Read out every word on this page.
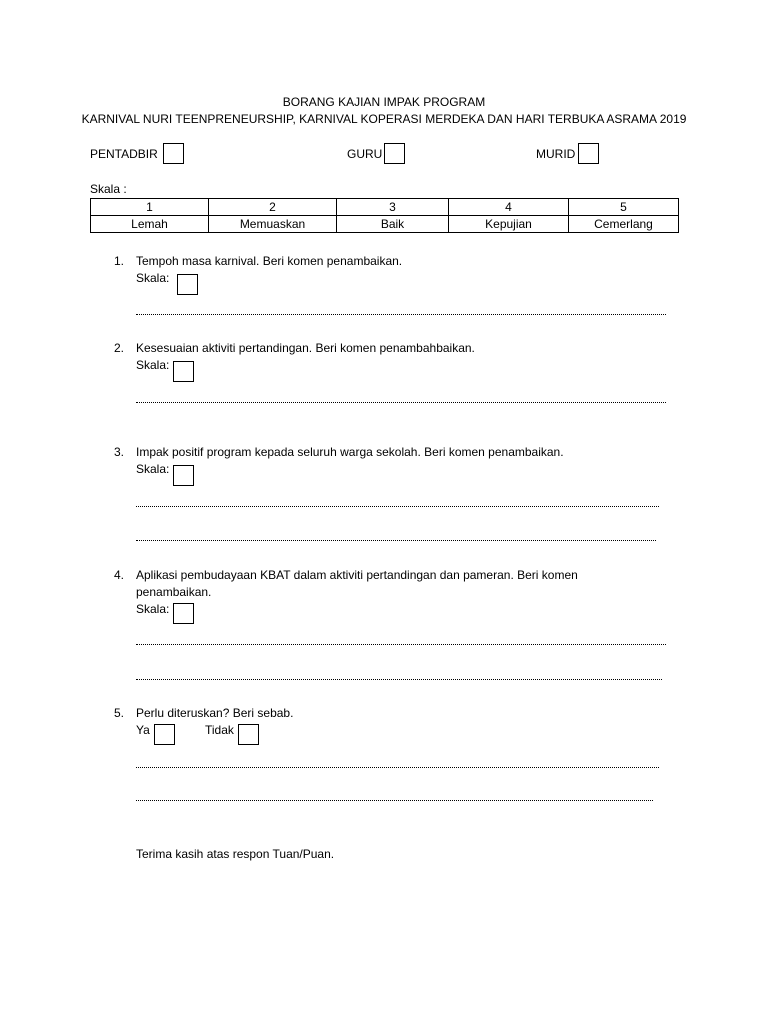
BORANG KAJIAN IMPAK PROGRAM
KARNIVAL NURI TEENPRENEURSHIP, KARNIVAL KOPERASI MERDEKA DAN HARI TERBUKA ASRAMA 2019
PENTADBIR	GURU	MURID
Skala :
1	2	3	4	5
Lemah	Memuaskan	Baik	Kepujian	Cemerlang
1. Tempoh masa karnival. Beri komen penambaikan.
Skala:
2. Kesesuaian aktiviti pertandingan. Beri komen penambahbaikan.
Skala:
3. Impak positif program kepada seluruh warga sekolah. Beri komen penambaikan.
Skala:
4. Aplikasi pembudayaan KBAT dalam aktiviti pertandingan dan pameran. Beri komen
penambaikan.
Skala:
5. Perlu diteruskan? Beri sebab.
Ya	Tidak
Terima kasih atas respon Tuan/Puan.
